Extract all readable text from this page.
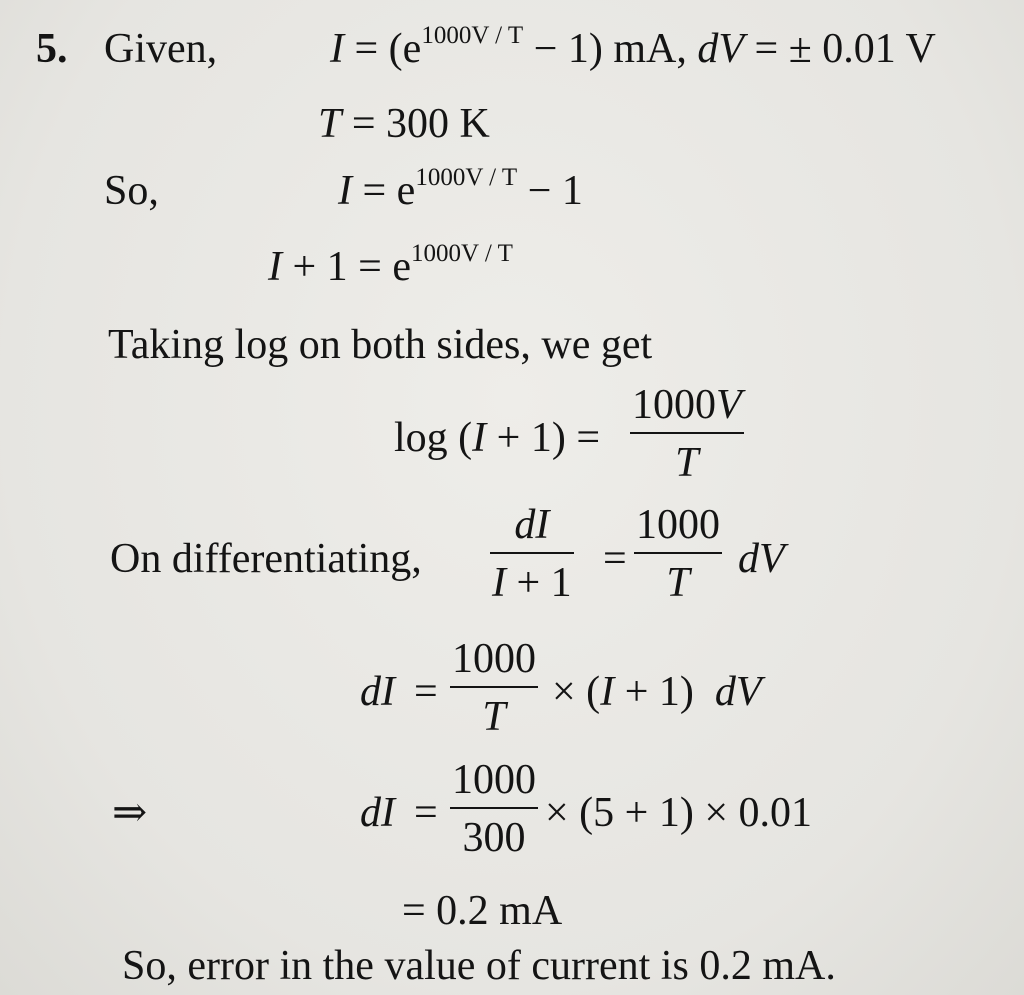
5. Given,	$I = (e^{1000V / T} - 1)$ mA, dV = ± 0.01 V
T = 300 K
So,	$I = e^{1000V / T} - 1$
$I + 1 = e^{1000V / T}$
Taking log on both sides, we get
log (I + 1) =
1000V
T
On differentiating,
dI
I + 1
=
1000
T
dV
dI =
1000
T
× (I + 1) dV
⇒	dI =
1000
300
× (5 + 1) × 0.01
= 0.2 mA
So, error in the value of current is 0.2 mA.
